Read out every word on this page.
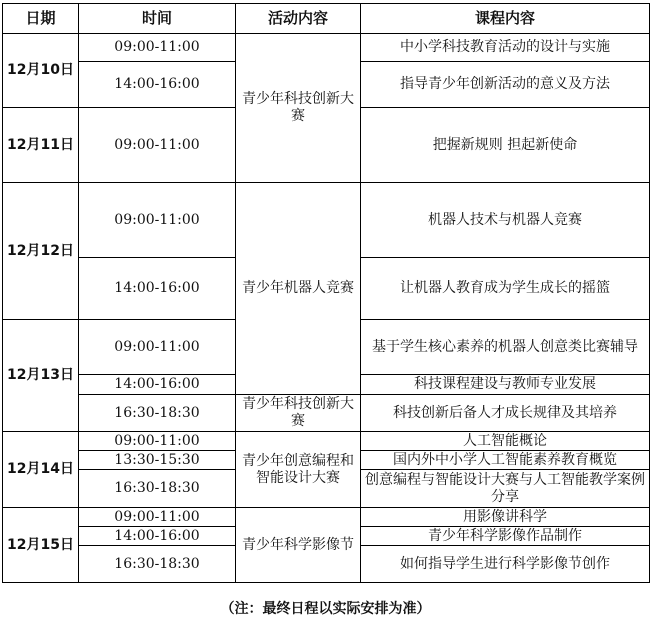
日期	时间	活动内容	课程内容
12月10日	09:00-11:00	青少年科技创新大赛	中小学科技教育活动的设计与实施
	14:00-16:00		指导青少年创新活动的意义及方法
12月11日	09:00-11:00		把握新规则 担起新使命
12月12日	09:00-11:00	青少年机器人竞赛	机器人技术与机器人竞赛
	14:00-16:00		让机器人教育成为学生成长的摇篮
12月13日	09:00-11:00		基于学生核心素养的机器人创意类比赛辅导
	14:00-16:00		科技课程建设与教师专业发展
	16:30-18:30	青少年科技创新大赛	科技创新后备人才成长规律及其培养
12月14日	09:00-11:00	青少年创意编程和智能设计大赛	人工智能概论
	13:30-15:30		国内外中小学人工智能素养教育概览
	16:30-18:30		创意编程与智能设计大赛与人工智能教学案例分享
12月15日	09:00-11:00	青少年科学影像节	用影像讲科学
	14:00-16:00		青少年科学影像作品制作
	16:30-18:30		如何指导学生进行科学影像节创作
（注：最终日程以实际安排为准）
